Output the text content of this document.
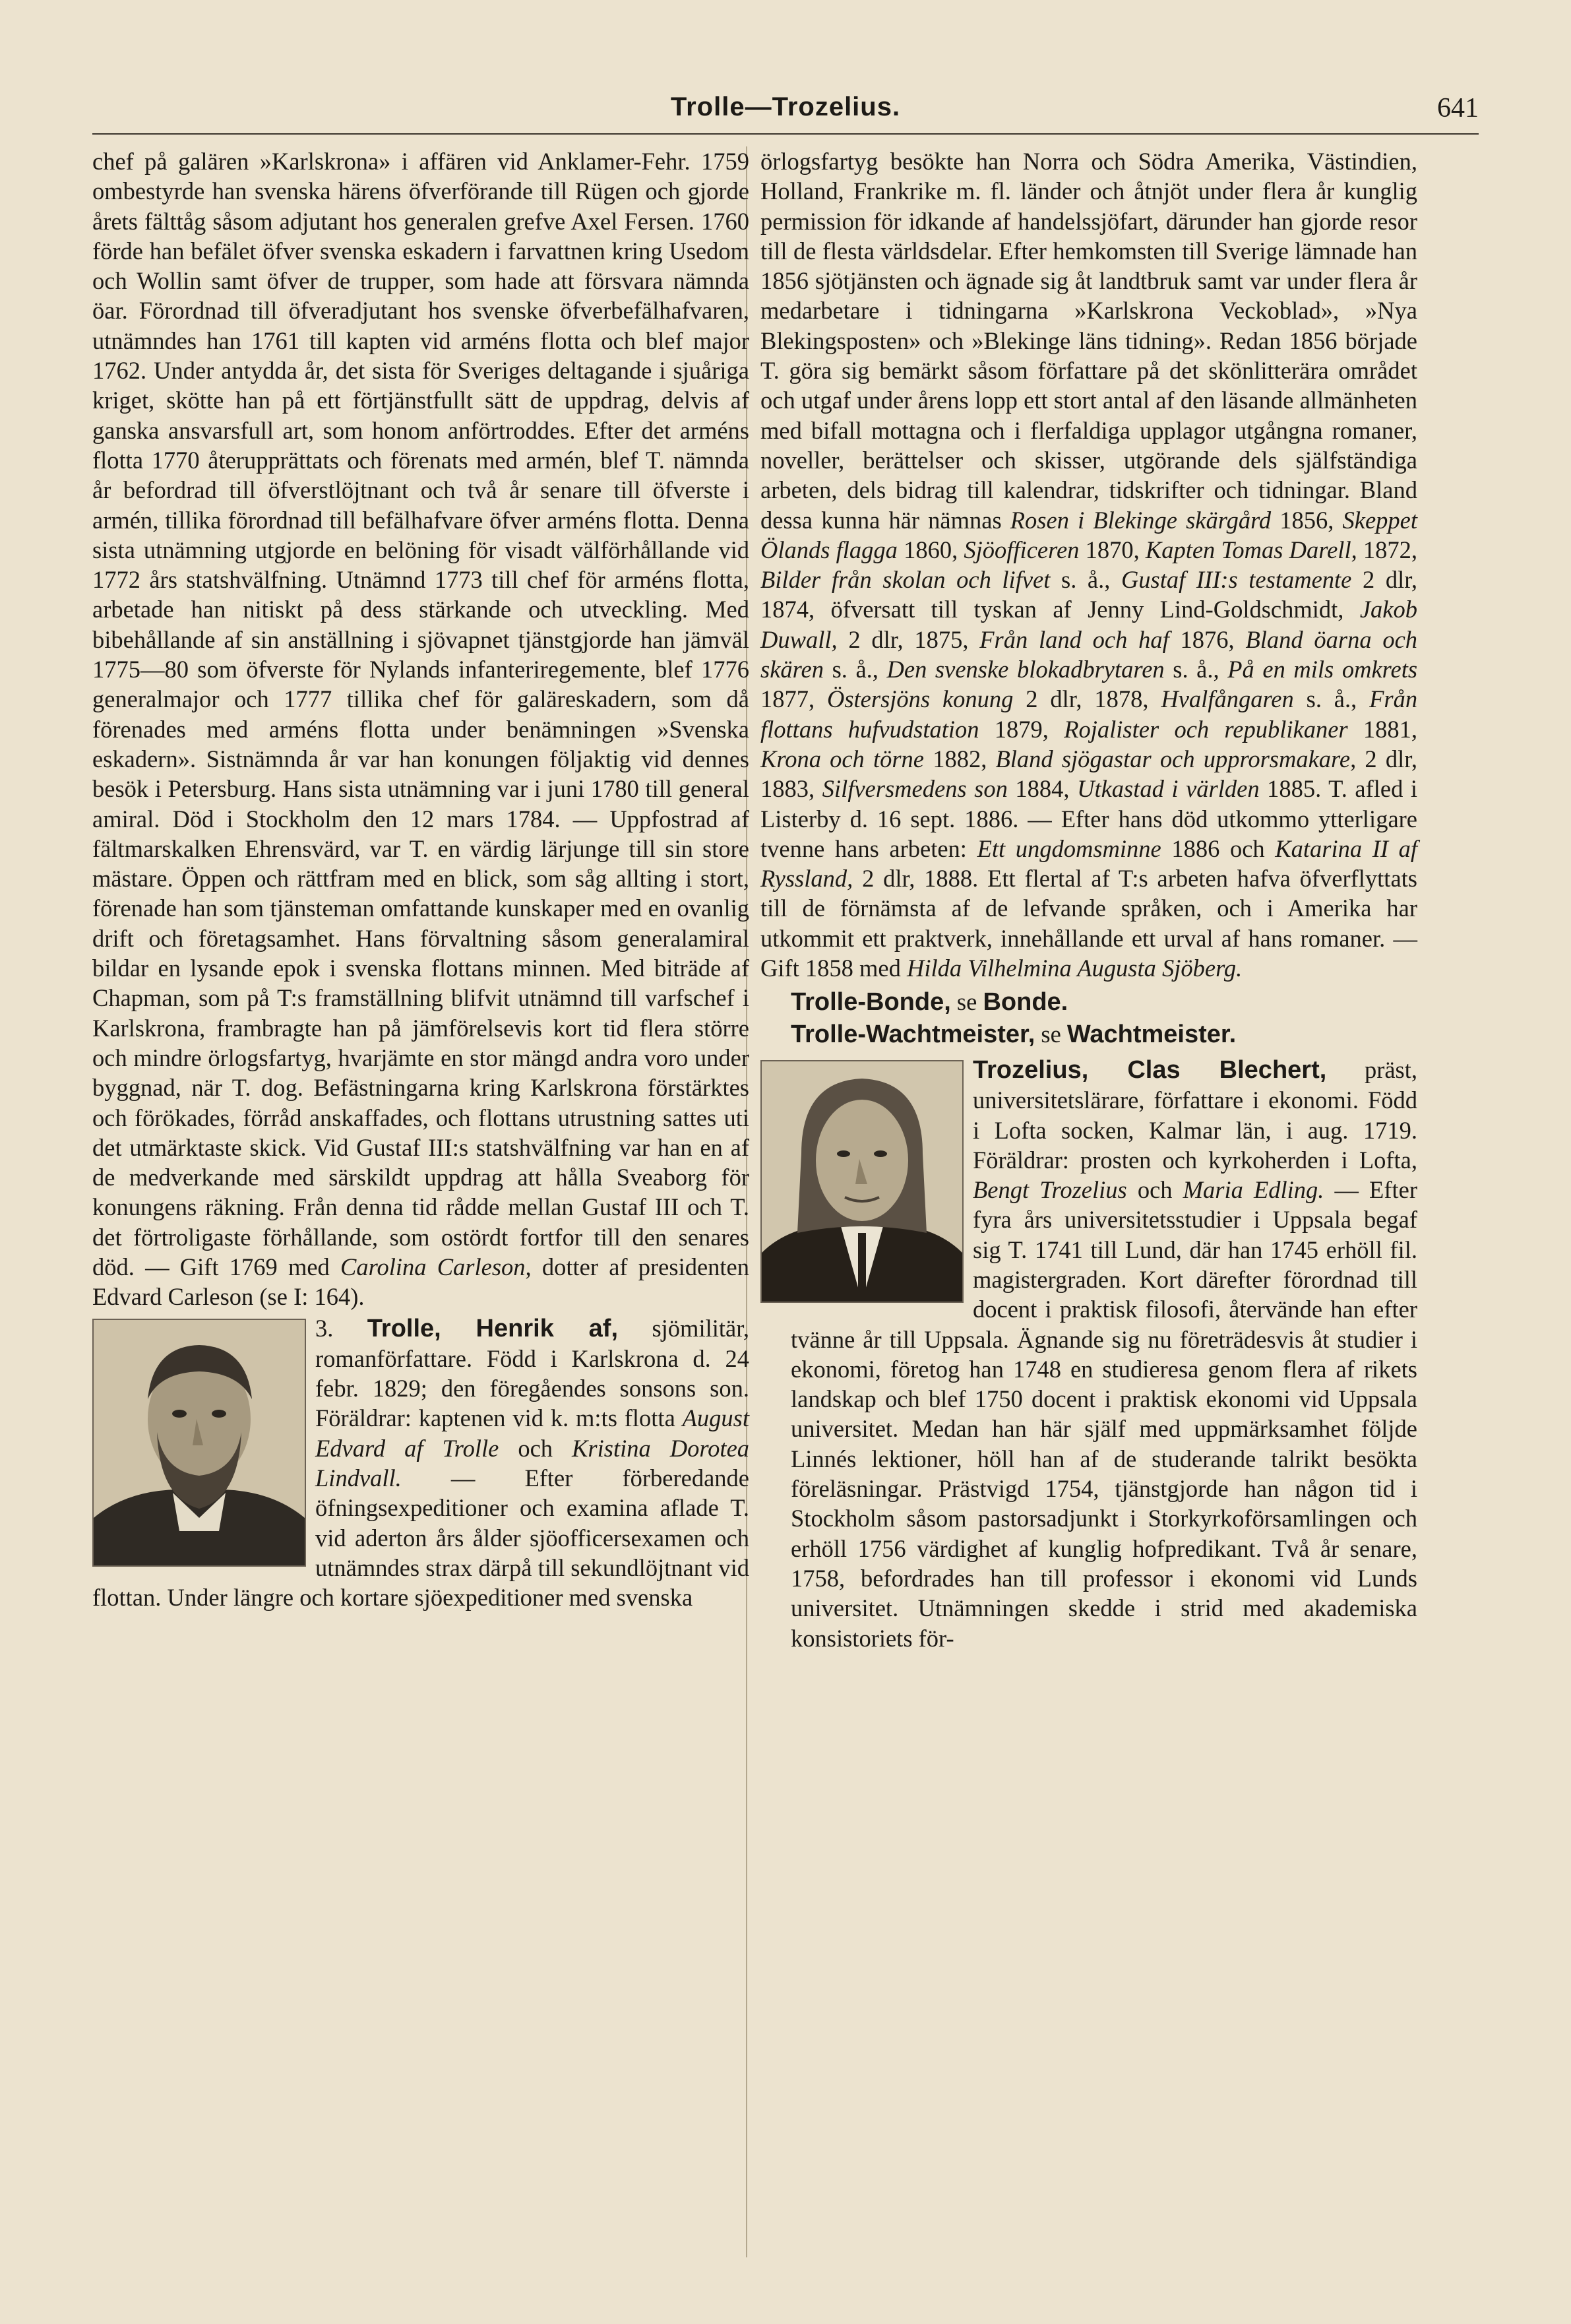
Trolle—Trozelius.	641

chef på galären »Karlskrona» i affären vid Anklamer-Fehr. 1759 ombestyrde han svenska härens öfverförande till Rügen och gjorde årets fälttåg såsom adjutant hos generalen grefve Axel Fersen. 1760 förde han befälet öfver svenska eskadern i farvattnen kring Usedom och Wollin samt öfver de trupper, som hade att försvara nämnda öar. Förordnad till öfveradjutant hos svenske öfverbefälhafvaren, utnämndes han 1761 till kapten vid arméns flotta och blef major 1762. Under antydda år, det sista för Sveriges deltagande i sjuåriga kriget, skötte han på ett förtjänstfullt sätt de uppdrag, delvis af ganska ansvarsfull art, som honom anförtroddes. Efter det arméns flotta 1770 återupprättats och förenats med armén, blef T. nämnda år befordrad till öfverstlöjtnant och två år senare till öfverste i armén, tillika förordnad till befälhafvare öfver arméns flotta. Denna sista utnämning utgjorde en belöning för visadt välförhållande vid 1772 års statshvälfning. Utnämnd 1773 till chef för arméns flotta, arbetade han nitiskt på dess stärkande och utveckling. Med bibehållande af sin anställning i sjövapnet tjänstgjorde han jämväl 1775—80 som öfverste för Nylands infanteriregemente, blef 1776 generalmajor och 1777 tillika chef för galäreskadern, som då förenades med arméns flotta under benämningen »Svenska eskadern». Sistnämnda år var han konungen följaktig vid dennes besök i Petersburg. Hans sista utnämning var i juni 1780 till general amiral. Död i Stockholm den 12 mars 1784. — Uppfostrad af fältmarskalken Ehrensvärd, var T. en värdig lärjunge till sin store mästare. Öppen och rättfram med en blick, som såg allting i stort, förenade han som tjänsteman omfattande kunskaper med en ovanlig drift och företagsamhet. Hans förvaltning såsom generalamiral bildar en lysande epok i svenska flottans minnen. Med biträde af Chapman, som på T:s framställning blifvit utnämnd till varfschef i Karlskrona, frambragte han på jämförelsevis kort tid flera större och mindre örlogsfartyg, hvarjämte en stor mängd andra voro under byggnad, när T. dog. Befästningarna kring Karlskrona förstärktes och förökades, förråd anskaffades, och flottans utrustning sattes uti det utmärktaste skick. Vid Gustaf III:s statshvälfning var han en af de medverkande med särskildt uppdrag att hålla Sveaborg för konungens räkning. Från denna tid rådde mellan Gustaf III och T. det förtroligaste förhållande, som ostördt fortfor till den senares död. — Gift 1769 med Carolina Carleson, dotter af presidenten Edvard Carleson (se I: 164).

3. Trolle, Henrik af, sjömilitär, romanförfattare. Född i Karlskrona d. 24 febr. 1829; den föregåendes sonsons son. Föräldrar: kaptenen vid k. m:ts flotta August Edvard af Trolle och Kristina Dorotea Lindvall. — Efter förberedande öfningsexpeditioner och examina aflade T. vid aderton års ålder sjöofficersexamen och utnämndes strax därpå till sekundlöjtnant vid flottan. Under längre och kortare sjöexpeditioner med svenska

örlogsfartyg besökte han Norra och Södra Amerika, Västindien, Holland, Frankrike m. fl. länder och åtnjöt under flera år kunglig permission för idkande af handelssjöfart, därunder han gjorde resor till de flesta världsdelar. Efter hemkomsten till Sverige lämnade han 1856 sjötjänsten och ägnade sig åt landtbruk samt var under flera år medarbetare i tidningarna »Karlskrona Veckoblad», »Nya Blekingsposten» och »Blekinge läns tidning». Redan 1856 började T. göra sig bemärkt såsom författare på det skönlitterära området och utgaf under årens lopp ett stort antal af den läsande allmänheten med bifall mottagna och i flerfaldiga upplagor utgångna romaner, noveller, berättelser och skisser, utgörande dels själfständiga arbeten, dels bidrag till kalendrar, tidskrifter och tidningar. Bland dessa kunna här nämnas Rosen i Blekinge skärgård 1856, Skeppet Ölands flagga 1860, Sjöofficeren 1870, Kapten Tomas Darell, 1872, Bilder från skolan och lifvet s. å., Gustaf III:s testamente 2 dlr, 1874, öfversatt till tyskan af Jenny Lind-Goldschmidt, Jakob Duwall, 2 dlr, 1875, Från land och haf 1876, Bland öarna och skären s. å., Den svenske blokadbrytaren s. å., På en mils omkrets 1877, Östersjöns konung 2 dlr, 1878, Hvalfångaren s. å., Från flottans hufvudstation 1879, Rojalister och republikaner 1881, Krona och törne 1882, Bland sjögastar och upprorsmakare, 2 dlr, 1883, Silfversmedens son 1884, Utkastad i världen 1885. T. afled i Listerby d. 16 sept. 1886. — Efter hans död utkommo ytterligare tvenne hans arbeten: Ett ungdomsminne 1886 och Katarina II af Ryssland, 2 dlr, 1888. Ett flertal af T:s arbeten hafva öfverflyttats till de förnämsta af de lefvande språken, och i Amerika har utkommit ett praktverk, innehållande ett urval af hans romaner. — Gift 1858 med Hilda Vilhelmina Augusta Sjöberg.

Trolle-Bonde, se Bonde.

Trolle-Wachtmeister, se Wachtmeister.

Trozelius, Clas Blechert, präst, universitetslärare, författare i ekonomi. Född i Lofta socken, Kalmar län, i aug. 1719. Föräldrar: prosten och kyrkoherden i Lofta, Bengt Trozelius och Maria Edling. — Efter fyra års universitetsstudier i Uppsala begaf sig T. 1741 till Lund, där han 1745 erhöll fil. magistergraden. Kort därefter förordnad till docent i praktisk filosofi, återvände han efter tvänne år till Uppsala. Ägnande sig nu företrädesvis åt studier i ekonomi, företog han 1748 en studieresa genom flera af rikets landskap och blef 1750 docent i praktisk ekonomi vid Uppsala universitet. Medan han här själf med uppmärksamhet följde Linnés lektioner, höll han af de studerande talrikt besökta föreläsningar. Prästvigd 1754, tjänstgjorde han någon tid i Stockholm såsom pastorsadjunkt i Storkyrkoförsamlingen och erhöll 1756 värdighet af kunglig hofpredikant. Två år senare, 1758, befordrades han till professor i ekonomi vid Lunds universitet. Utnämningen skedde i strid med akademiska konsistoriets för-
